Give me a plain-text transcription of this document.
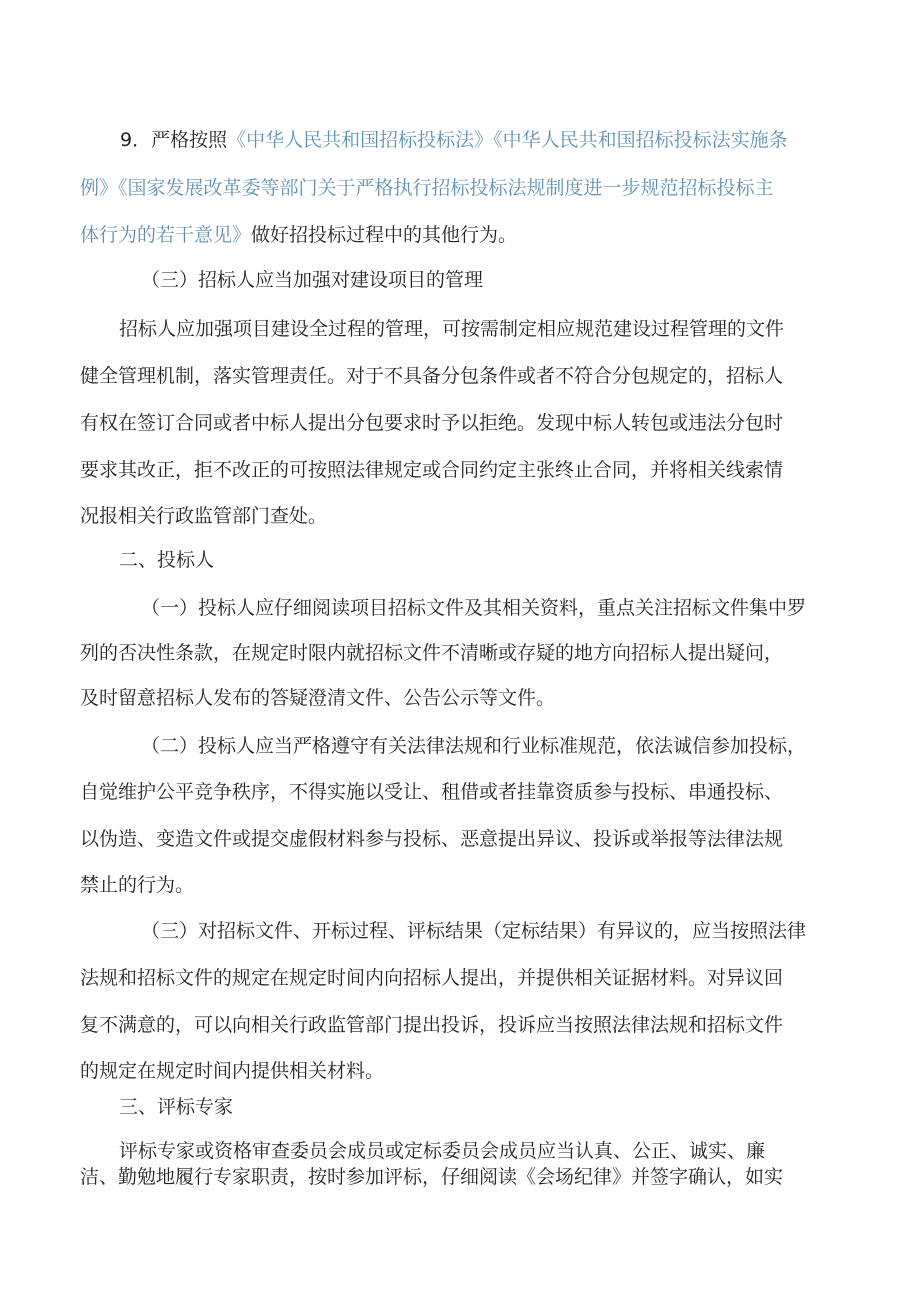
9．严格按照《中华人民共和国招标投标法》《中华人民共和国招标投标法实施条
例》《国家发展改革委等部门关于严格执行招标投标法规制度进一步规范招标投标主
体行为的若干意见》做好招投标过程中的其他行为。
（三）招标人应当加强对建设项目的管理
招标人应加强项目建设全过程的管理，可按需制定相应规范建设过程管理的文件
健全管理机制，落实管理责任。对于不具备分包条件或者不符合分包规定的，招标人
有权在签订合同或者中标人提出分包要求时予以拒绝。发现中标人转包或违法分包时
要求其改正，拒不改正的可按照法律规定或合同约定主张终止合同，并将相关线索情
况报相关行政监管部门查处。
二、投标人
（一）投标人应仔细阅读项目招标文件及其相关资料，重点关注招标文件集中罗
列的否决性条款，在规定时限内就招标文件不清晰或存疑的地方向招标人提出疑问，
及时留意招标人发布的答疑澄清文件、公告公示等文件。
（二）投标人应当严格遵守有关法律法规和行业标准规范，依法诚信参加投标，
自觉维护公平竞争秩序，不得实施以受让、租借或者挂靠资质参与投标、串通投标、
以伪造、变造文件或提交虚假材料参与投标、恶意提出异议、投诉或举报等法律法规
禁止的行为。
（三）对招标文件、开标过程、评标结果（定标结果）有异议的，应当按照法律
法规和招标文件的规定在规定时间内向招标人提出，并提供相关证据材料。对异议回
复不满意的，可以向相关行政监管部门提出投诉，投诉应当按照法律法规和招标文件
的规定在规定时间内提供相关材料。
三、评标专家
评标专家或资格审查委员会成员或定标委员会成员应当认真、公正、诚实、廉
洁、勤勉地履行专家职责，按时参加评标，仔细阅读《会场纪律》并签字确认，如实
